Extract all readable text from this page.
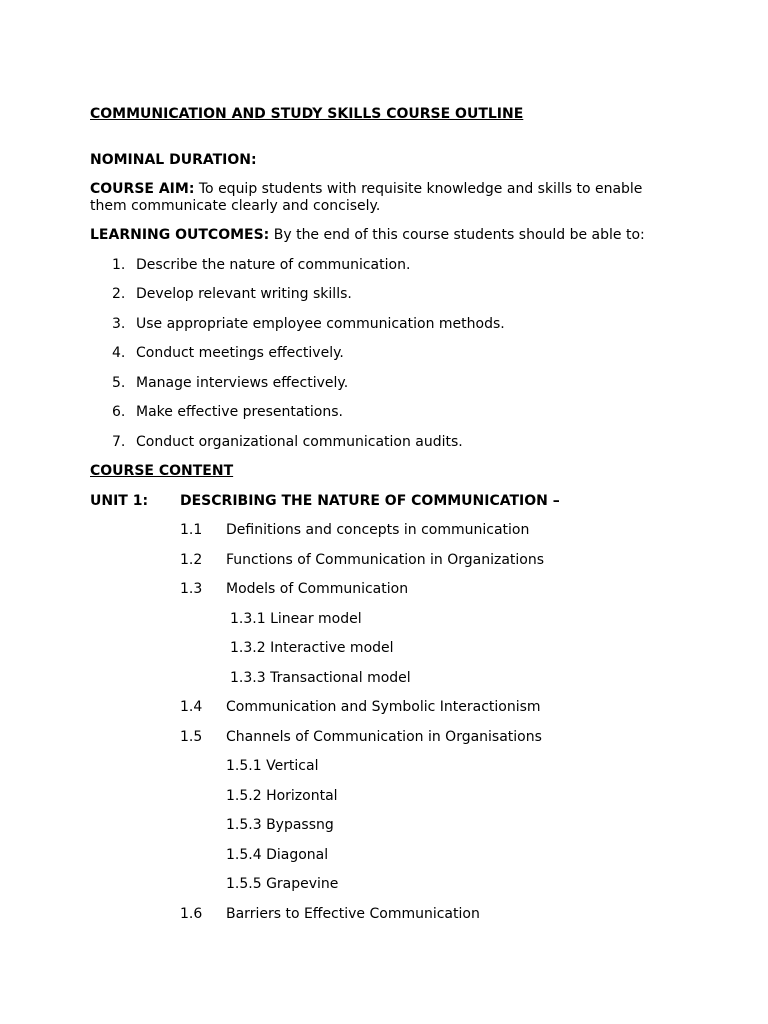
COMMUNICATION AND STUDY SKILLS COURSE OUTLINE
NOMINAL DURATION:
COURSE AIM: To equip students with requisite knowledge and skills to enable them communicate clearly and concisely.
LEARNING OUTCOMES: By the end of this course students should be able to:
1. Describe the nature of communication.
2. Develop relevant writing skills.
3. Use appropriate employee communication methods.
4. Conduct meetings effectively.
5. Manage interviews effectively.
6. Make effective presentations.
7. Conduct organizational communication audits.
COURSE CONTENT
UNIT 1: DESCRIBING THE NATURE OF COMMUNICATION –
1.1 Definitions and concepts in communication
1.2 Functions of Communication in Organizations
1.3 Models of Communication
1.3.1 Linear model
1.3.2 Interactive model
1.3.3 Transactional model
1.4 Communication and Symbolic Interactionism
1.5 Channels of Communication in Organisations
1.5.1 Vertical
1.5.2 Horizontal
1.5.3 Bypassng
1.5.4 Diagonal
1.5.5 Grapevine
1.6 Barriers to Effective Communication
